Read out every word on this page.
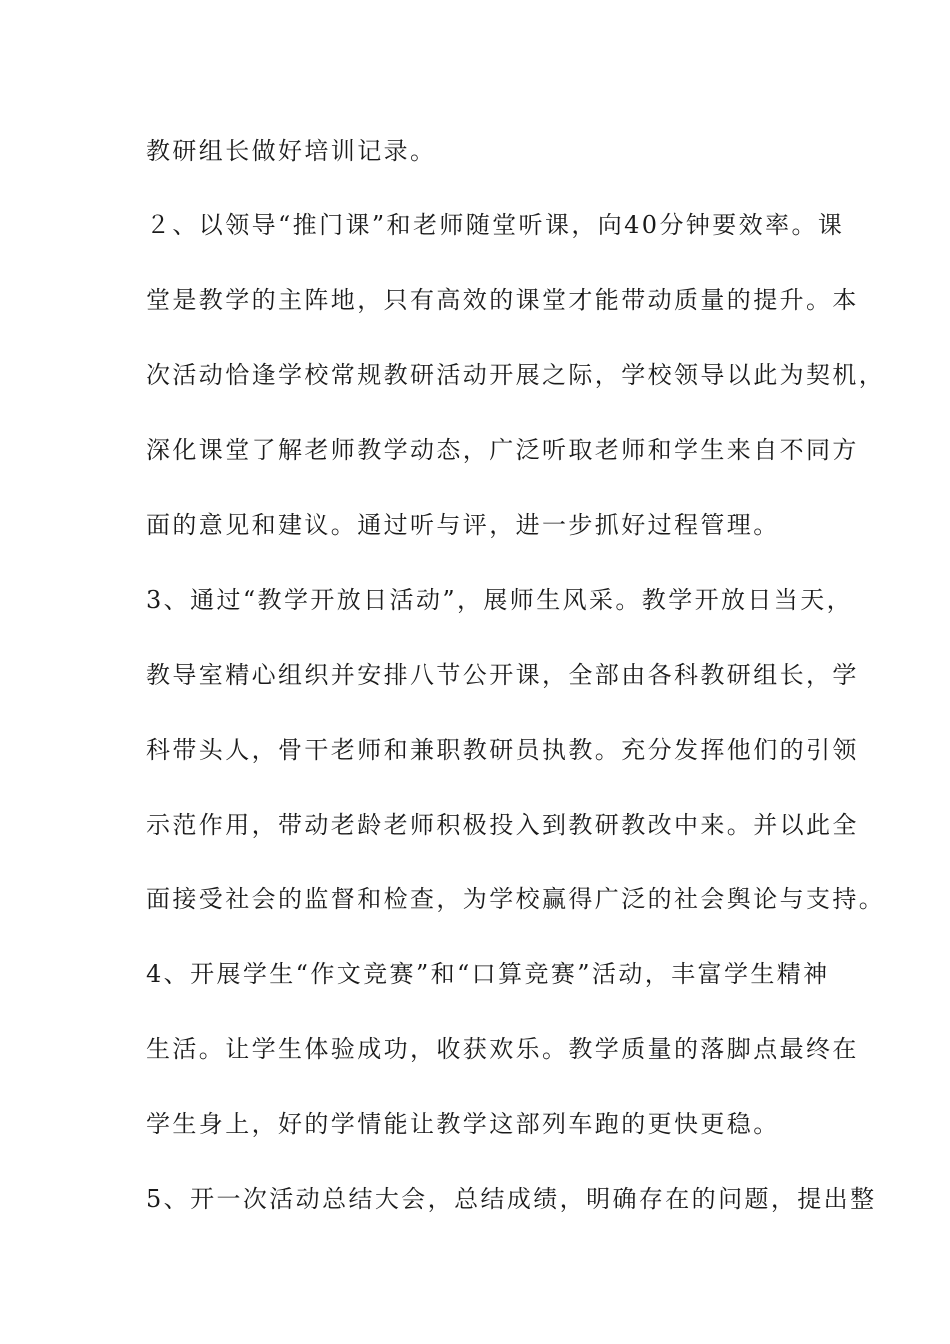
教研组长做好培训记录。
２、以领导“推门课”和老师随堂听课，向40分钟要效率。课
堂是教学的主阵地，只有高效的课堂才能带动质量的提升。本
次活动恰逢学校常规教研活动开展之际，学校领导以此为契机，
深化课堂了解老师教学动态，广泛听取老师和学生来自不同方
面的意见和建议。通过听与评，进一步抓好过程管理。
3、通过“教学开放日活动”，展师生风采。教学开放日当天，
教导室精心组织并安排八节公开课，全部由各科教研组长，学
科带头人，骨干老师和兼职教研员执教。充分发挥他们的引领
示范作用，带动老龄老师积极投入到教研教改中来。并以此全
面接受社会的监督和检查，为学校赢得广泛的社会舆论与支持。
4、开展学生“作文竞赛”和“口算竞赛”活动，丰富学生精神
生活。让学生体验成功，收获欢乐。教学质量的落脚点最终在
学生身上，好的学情能让教学这部列车跑的更快更稳。
5、开一次活动总结大会，总结成绩，明确存在的问题，提出整
